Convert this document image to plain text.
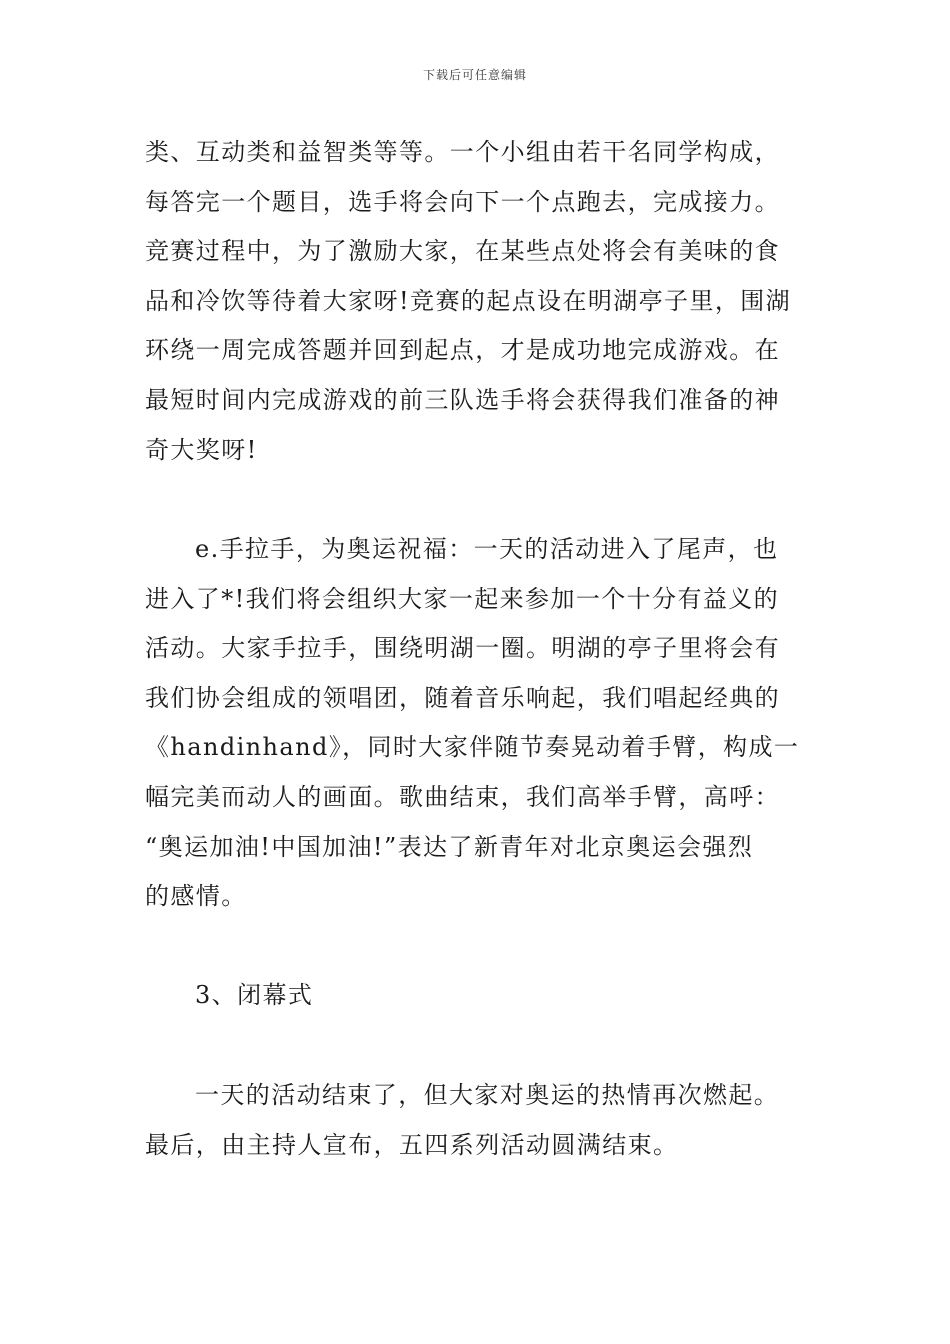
下载后可任意编辑
类、互动类和益智类等等。一个小组由若干名同学构成，
每答完一个题目，选手将会向下一个点跑去，完成接力。
竞赛过程中，为了激励大家，在某些点处将会有美味的食
品和冷饮等待着大家呀!竞赛的起点设在明湖亭子里，围湖
环绕一周完成答题并回到起点，才是成功地完成游戏。在
最短时间内完成游戏的前三队选手将会获得我们准备的神
奇大奖呀!
e.手拉手，为奥运祝福：一天的活动进入了尾声，也
进入了*!我们将会组织大家一起来参加一个十分有益义的
活动。大家手拉手，围绕明湖一圈。明湖的亭子里将会有
我们协会组成的领唱团，随着音乐响起，我们唱起经典的
《handinhand》，同时大家伴随节奏晃动着手臂，构成一
幅完美而动人的画面。歌曲结束，我们高举手臂，高呼：
“奥运加油!中国加油!”表达了新青年对北京奥运会强烈
的感情。
3、闭幕式
一天的活动结束了，但大家对奥运的热情再次燃起。
最后，由主持人宣布，五四系列活动圆满结束。
